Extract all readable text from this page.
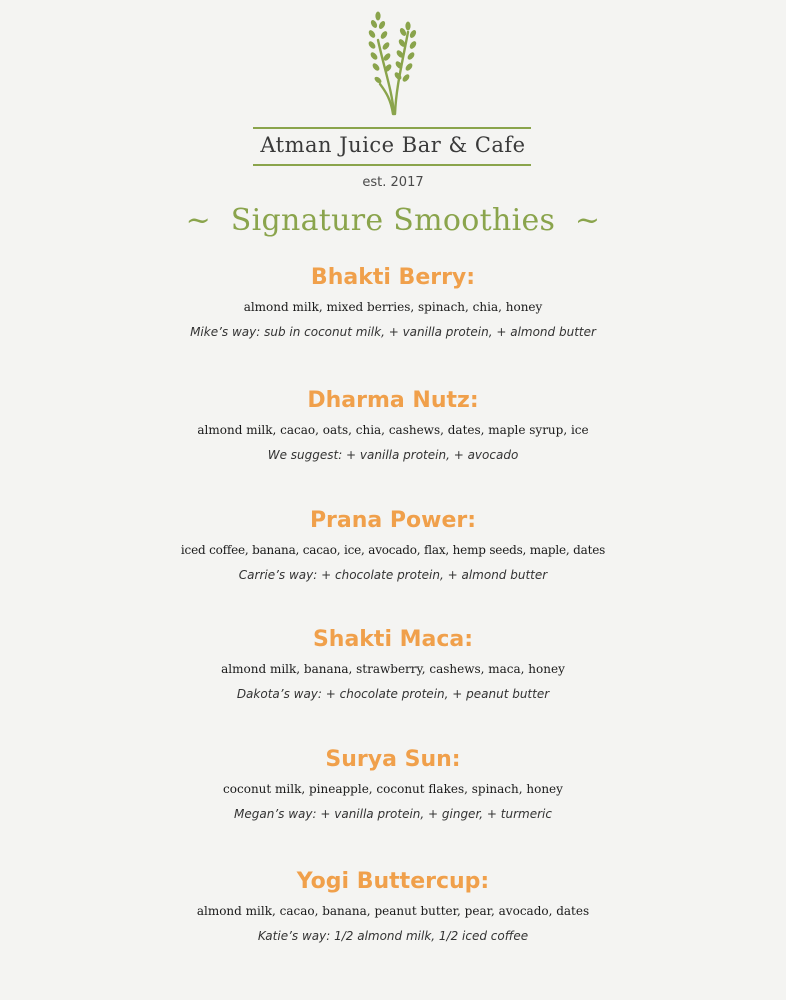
Atman Juice Bar & Cafe
est. 2017
~  Signature Smoothies  ~
Bhakti Berry:
almond milk, mixed berries, spinach, chia, honey
Mike’s way: sub in coconut milk, + vanilla protein, + almond butter
Dharma Nutz:
almond milk, cacao, oats, chia, cashews, dates, maple syrup, ice
We suggest: + vanilla protein, + avocado
Prana Power:
iced coffee, banana, cacao, ice, avocado, flax, hemp seeds, maple, dates
Carrie’s way: + chocolate protein, + almond butter
Shakti Maca:
almond milk, banana, strawberry, cashews, maca, honey
Dakota’s way: + chocolate protein, + peanut butter
Surya Sun:
coconut milk, pineapple, coconut flakes, spinach, honey
Megan’s way: + vanilla protein, + ginger, + turmeric
Yogi Buttercup:
almond milk, cacao, banana, peanut butter, pear, avocado, dates
Katie’s way: 1/2 almond milk, 1/2 iced coffee
